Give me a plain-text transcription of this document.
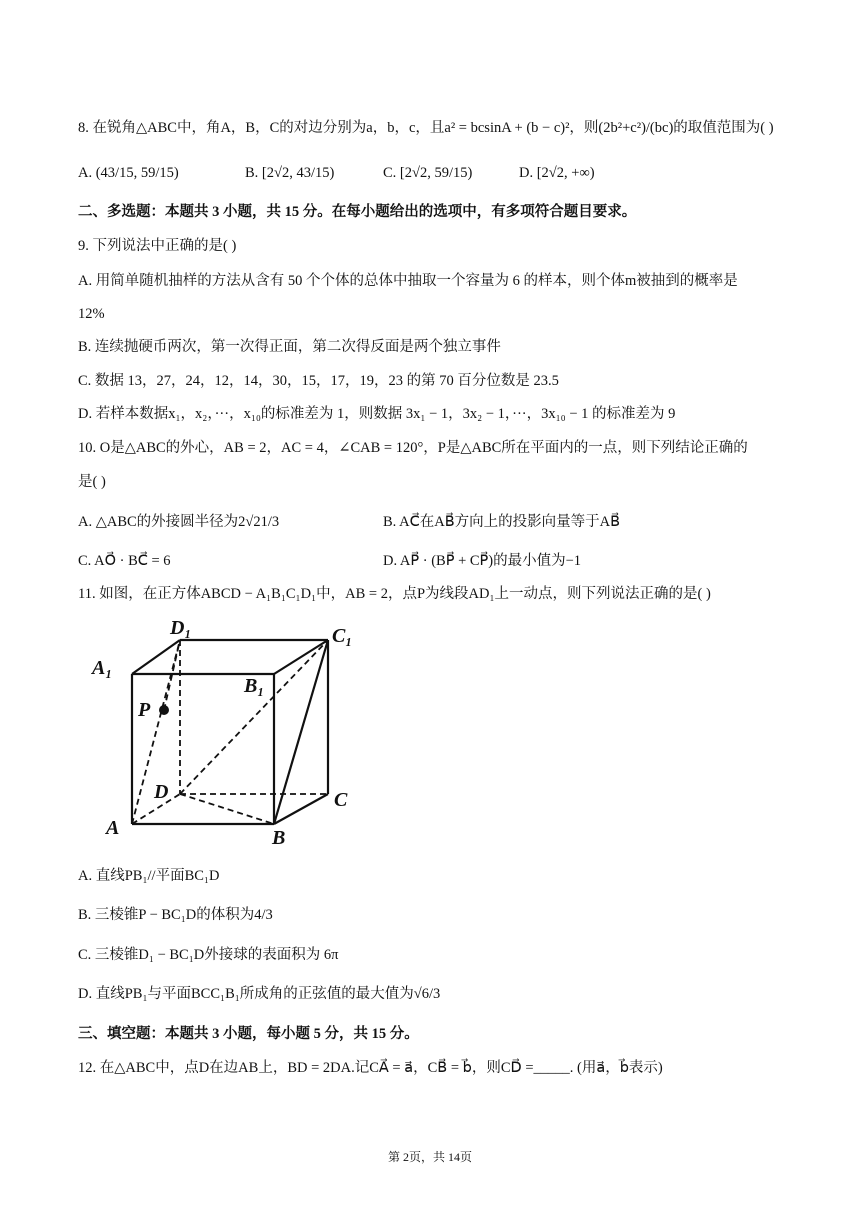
8. 在锐角△ABC中，角A，B，C的对边分别为a，b，c，且a² = bcsinA + (b − c)²，则(2b²+c²)/(bc)的取值范围为( )
A. (43/15, 59/15)	B. [2√2, 43/15)	C. [2√2, 59/15)	D. [2√2, +∞)
二、多选题：本题共 3 小题，共 15 分。在每小题给出的选项中，有多项符合题目要求。
9. 下列说法中正确的是( )
A. 用简单随机抽样的方法从含有 50 个个体的总体中抽取一个容量为 6 的样本，则个体m被抽到的概率是
12%
B. 连续抛硬币两次，第一次得正面，第二次得反面是两个独立事件
C. 数据 13，27，24，12，14，30，15，17，19，23 的第 70 百分位数是 23.5
D. 若样本数据x₁，x₂，···，x₁₀的标准差为 1，则数据 3x₁ − 1，3x₂ − 1，···，3x₁₀ − 1 的标准差为 9
10. O是△ABC的外心，AB = 2，AC = 4，∠CAB = 120°，P是△ABC所在平面内的一点，则下列结论正确的
是( )
A. △ABC的外接圆半径为2√21/3	B. AC⃗在AB⃗方向上的投影向量等于AB⃗
C. AO⃗ · BC⃗ = 6	D. AP⃗ · (BP⃗ + CP⃗)的最小值为−1
11. 如图，在正方体ABCD − A₁B₁C₁D₁中，AB = 2，点P为线段AD₁上一动点，则下列说法正确的是( )
D₁	C₁
A₁
B₁
P
D	C
A	B
A. 直线PB₁//平面BC₁D
B. 三棱锥P − BC₁D的体积为4/3
C. 三棱锥D₁ − BC₁D外接球的表面积为 6π
D. 直线PB₁与平面BCC₁B₁所成角的正弦值的最大值为√6/3
三、填空题：本题共 3 小题，每小题 5 分，共 15 分。
12. 在△ABC中，点D在边AB上，BD = 2DA.记CA⃗ = a⃗，CB⃗ = b⃗，则CD⃗ =_____. (用a⃗，b⃗表示)
第 2页，共 14页
